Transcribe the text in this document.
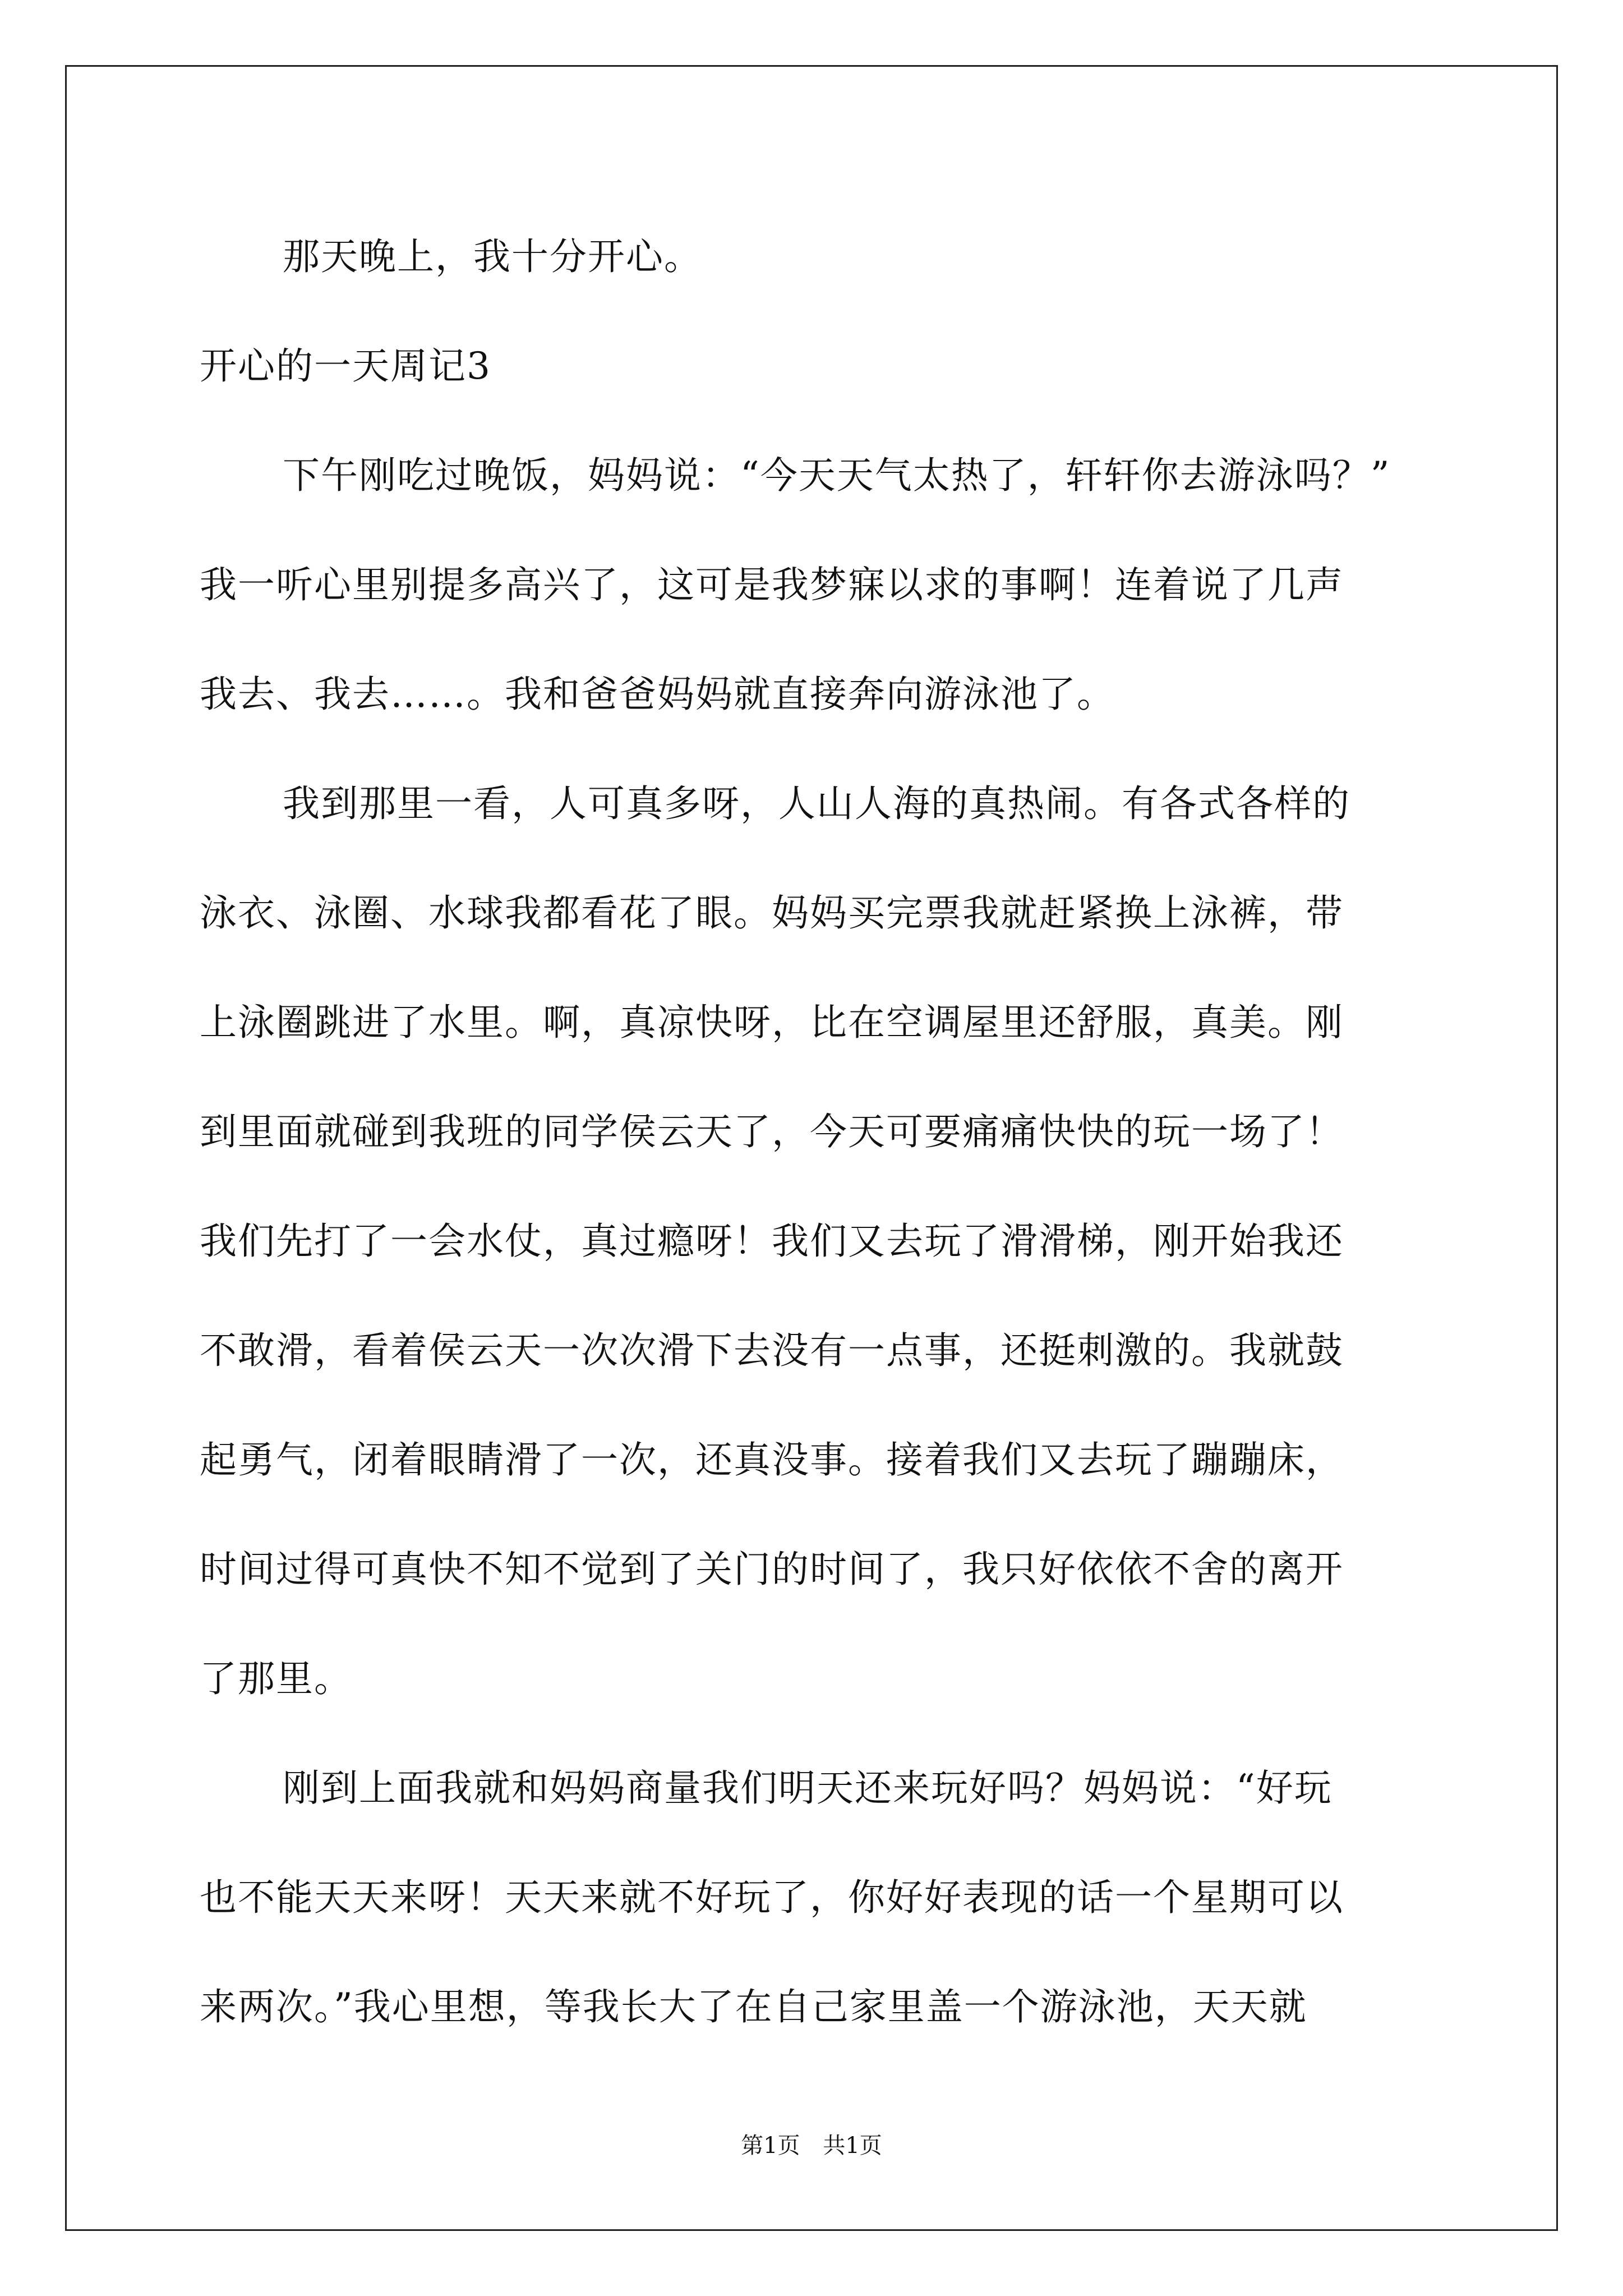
那天晚上，我十分开心。
开心的一天周记3
下午刚吃过晚饭，妈妈说：“今天天气太热了，轩轩你去游泳吗？”
我一听心里别提多高兴了，这可是我梦寐以求的事啊！连着说了几声
我去、我去……。我和爸爸妈妈就直接奔向游泳池了。
我到那里一看，人可真多呀，人山人海的真热闹。有各式各样的
泳衣、泳圈、水球我都看花了眼。妈妈买完票我就赶紧换上泳裤，带
上泳圈跳进了水里。啊，真凉快呀，比在空调屋里还舒服，真美。刚
到里面就碰到我班的同学侯云天了，今天可要痛痛快快的玩一场了！
我们先打了一会水仗，真过瘾呀！我们又去玩了滑滑梯，刚开始我还
不敢滑，看着侯云天一次次滑下去没有一点事，还挺刺激的。我就鼓
起勇气，闭着眼睛滑了一次，还真没事。接着我们又去玩了蹦蹦床，
时间过得可真快不知不觉到了关门的时间了，我只好依依不舍的离开
了那里。
刚到上面我就和妈妈商量我们明天还来玩好吗？妈妈说：“好玩
也不能天天来呀！天天来就不好玩了，你好好表现的话一个星期可以
来两次。”我心里想，等我长大了在自己家里盖一个游泳池，天天就
第1页 共1页
